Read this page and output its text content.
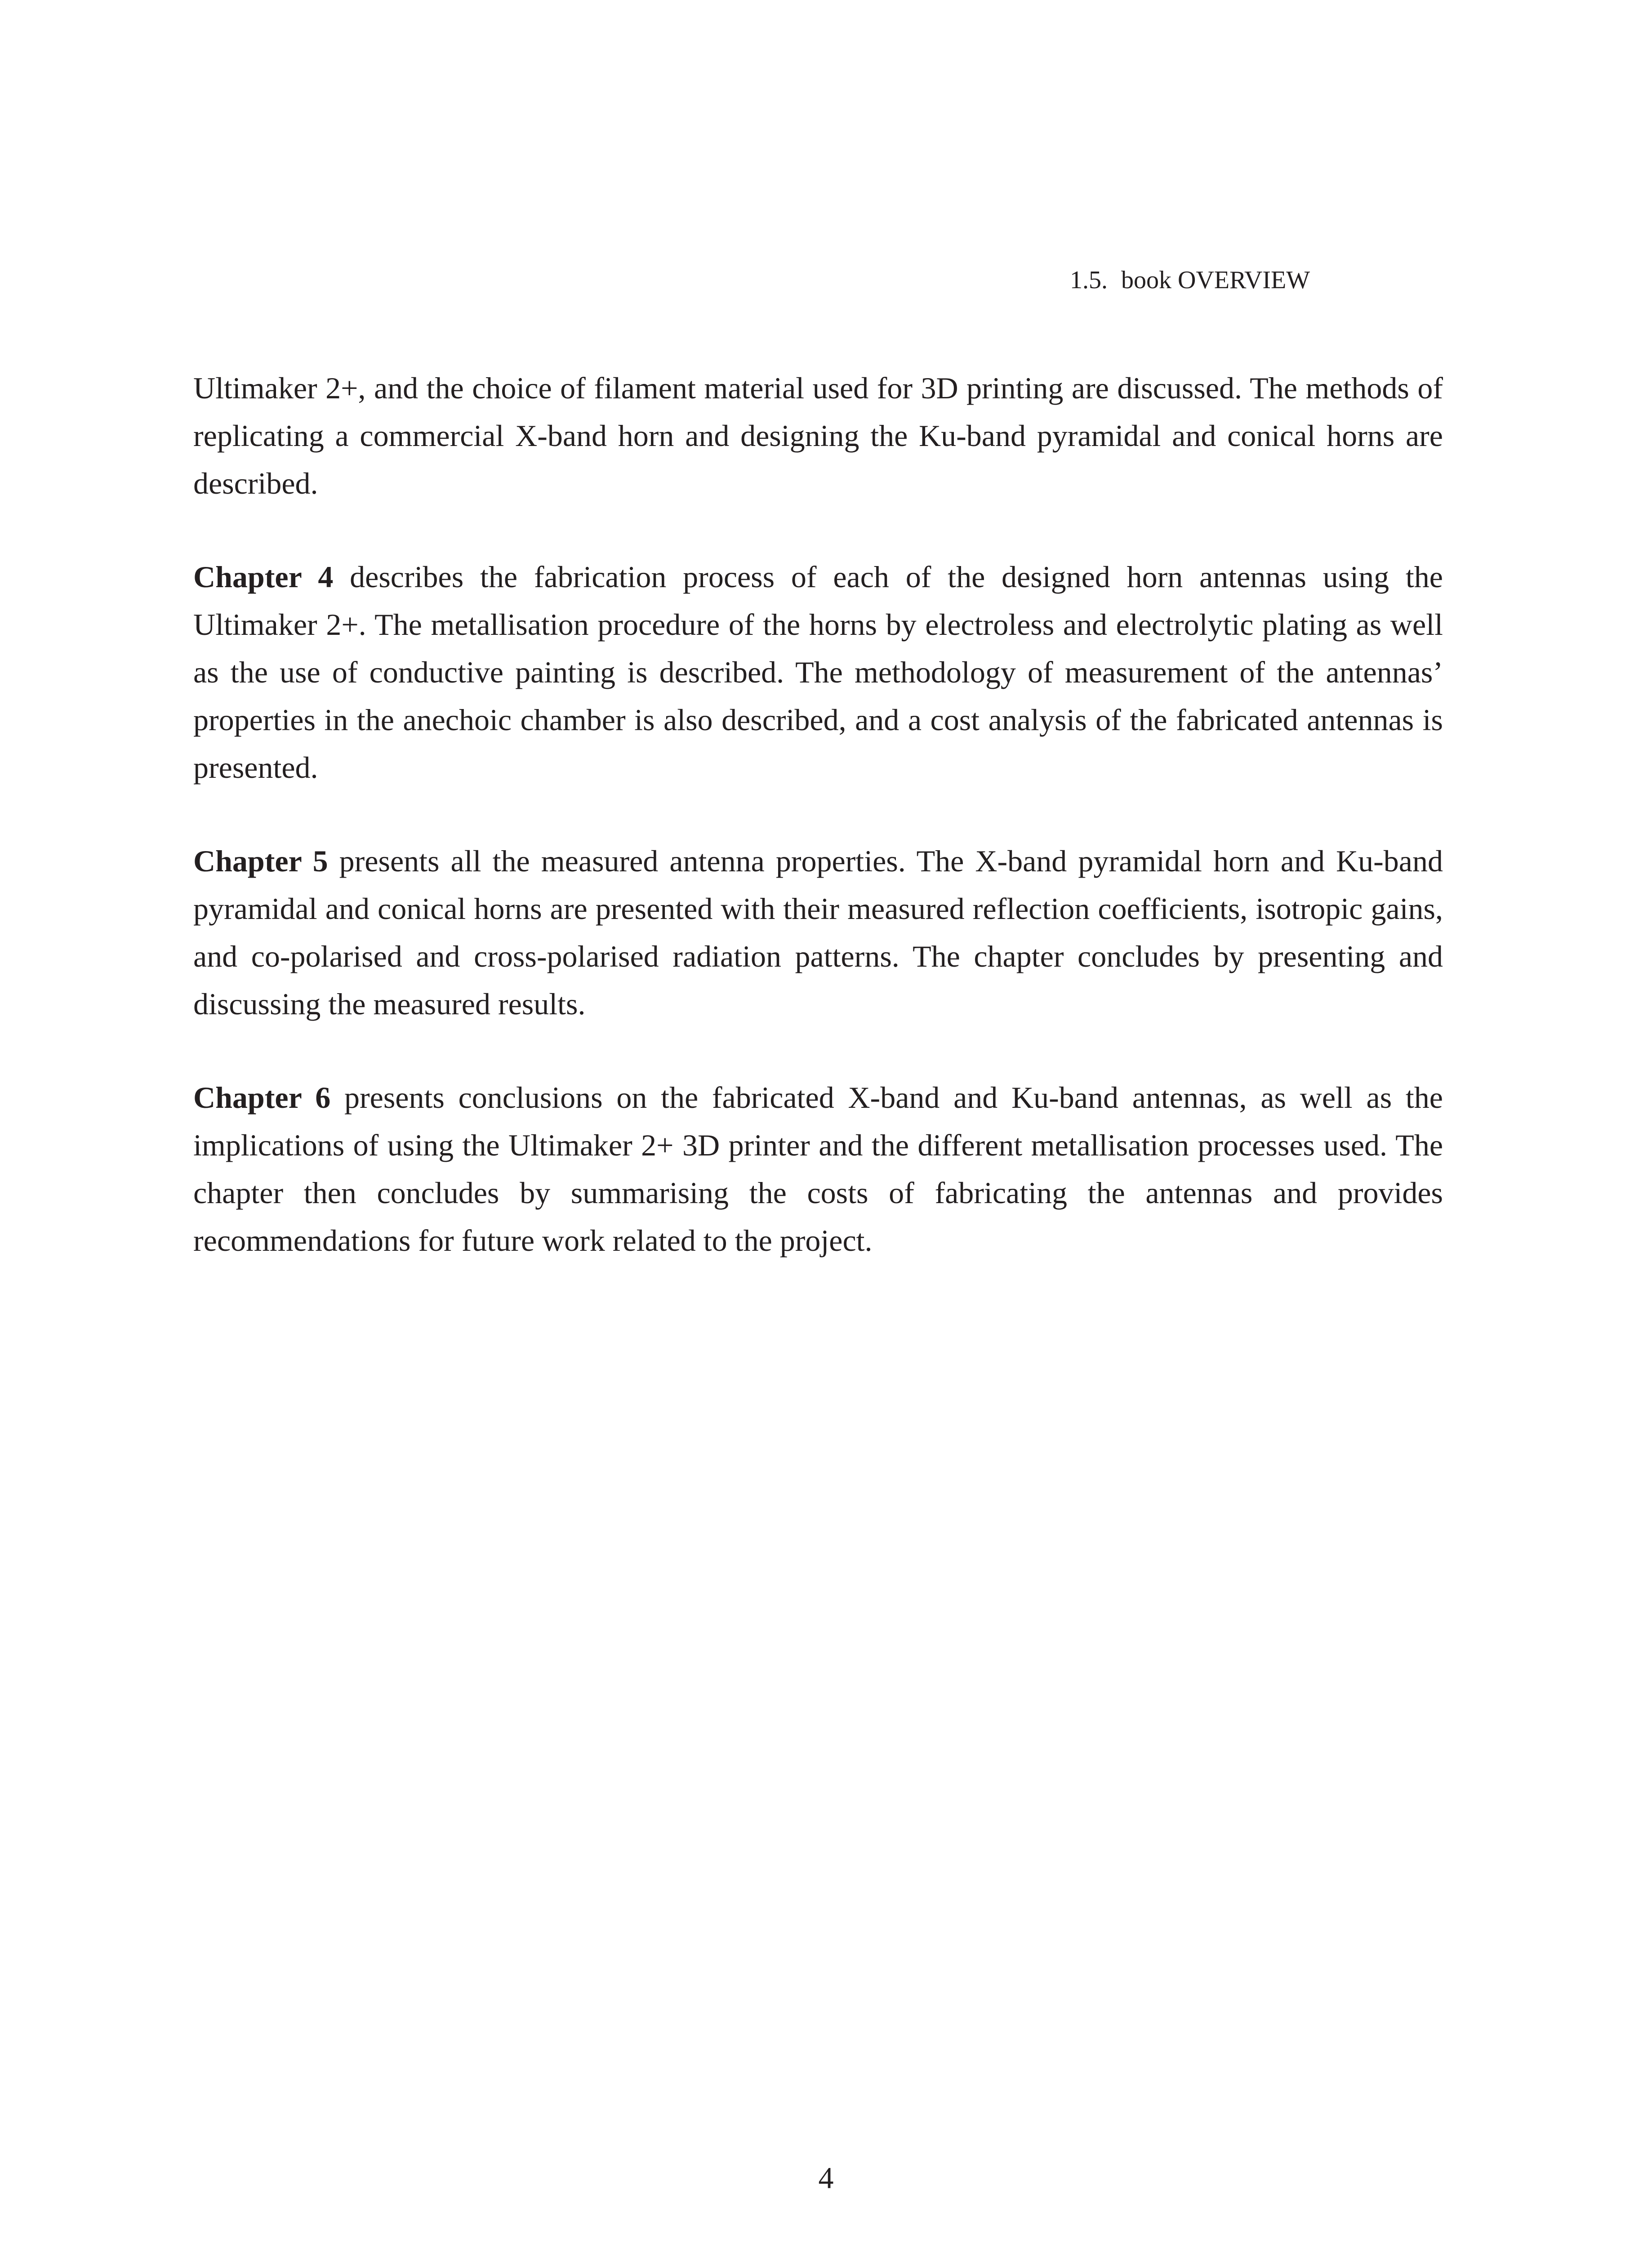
1.5. book OVERVIEW

Ultimaker 2+, and the choice of filament material used for 3D printing are discussed. The methods of replicating a commercial X-band horn and designing the Ku-band pyramidal and conical horns are described.

Chapter 4 describes the fabrication process of each of the designed horn antennas using the Ultimaker 2+. The metallisation procedure of the horns by electroless and electrolytic plating as well as the use of conductive painting is described. The methodology of measurement of the antennas’ properties in the anechoic chamber is also described, and a cost analysis of the fabricated antennas is presented.

Chapter 5 presents all the measured antenna properties. The X-band pyramidal horn and Ku-band pyramidal and conical horns are presented with their measured reflection coefficients, isotropic gains, and co-polarised and cross-polarised radiation patterns. The chapter concludes by presenting and discussing the measured results.

Chapter 6 presents conclusions on the fabricated X-band and Ku-band antennas, as well as the implications of using the Ultimaker 2+ 3D printer and the different metallisation processes used. The chapter then concludes by summarising the costs of fabricating the antennas and provides recommendations for future work related to the project.

4
